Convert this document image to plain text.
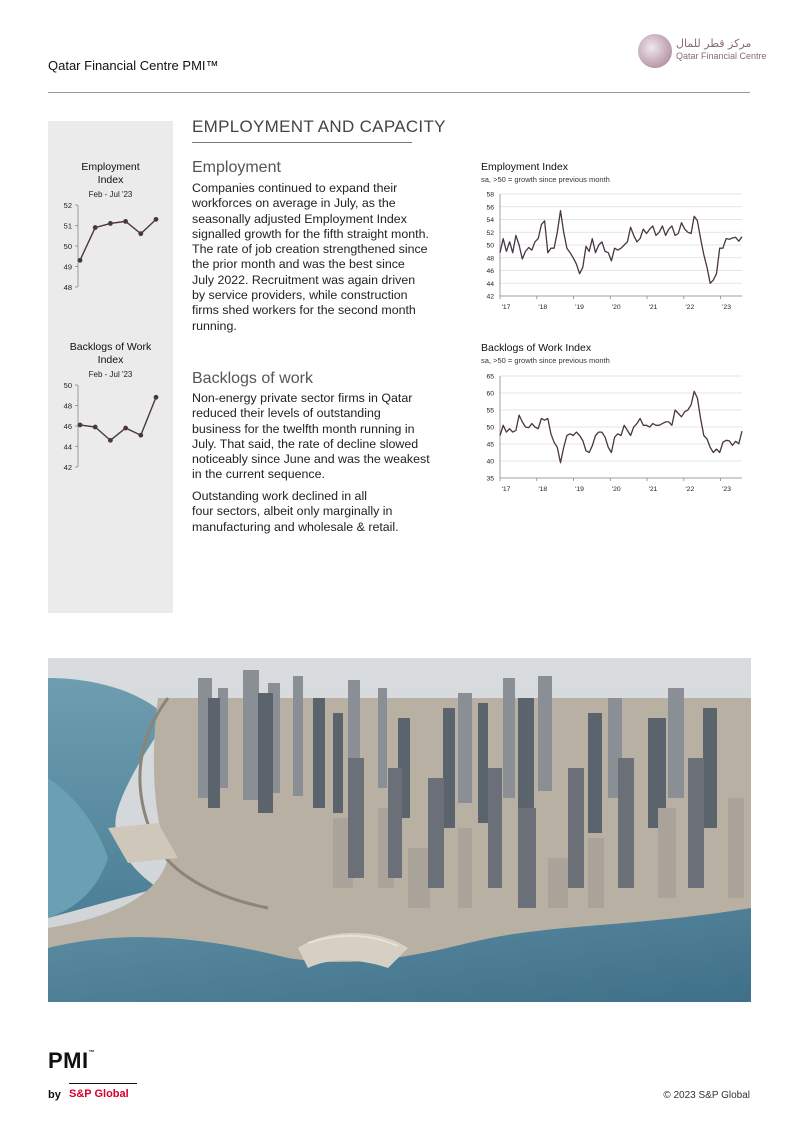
Qatar Financial Centre PMI™
مركز قطر للمال
Qatar Financial Centre
Employment
Index
Feb - Jul '23
48
49
50
51
52
Backlogs of Work
Index
Feb - Jul '23
42
44
46
48
50
EMPLOYMENT AND CAPACITY
Employment
Companies continued to expand their
workforces on average in July, as the
seasonally adjusted Employment Index
signalled growth for the fifth straight month.
The rate of job creation strengthened since
the prior month and was the best since
July 2022. Recruitment was again driven
by service providers, while construction
firms shed workers for the second month
running.
Backlogs of work
Non-energy private sector firms in Qatar
reduced their levels of outstanding
business for the twelfth month running in
July. That said, the rate of decline slowed
noticeably since June and was the weakest
in the current sequence.
Outstanding work declined in all
four sectors, albeit only marginally in
manufacturing and wholesale & retail.
Employment Index
sa, >50 = growth since previous month
42
44
46
48
50
52
54
56
58
'17	'18	'19	'20	'21	'22	'23
Backlogs of Work Index
sa, >50 = growth since previous month
35
40
45
50
55
60
65
'17	'18	'19	'20	'21	'22	'23
PMI™
by S&P Global	© 2023 S&P Global
